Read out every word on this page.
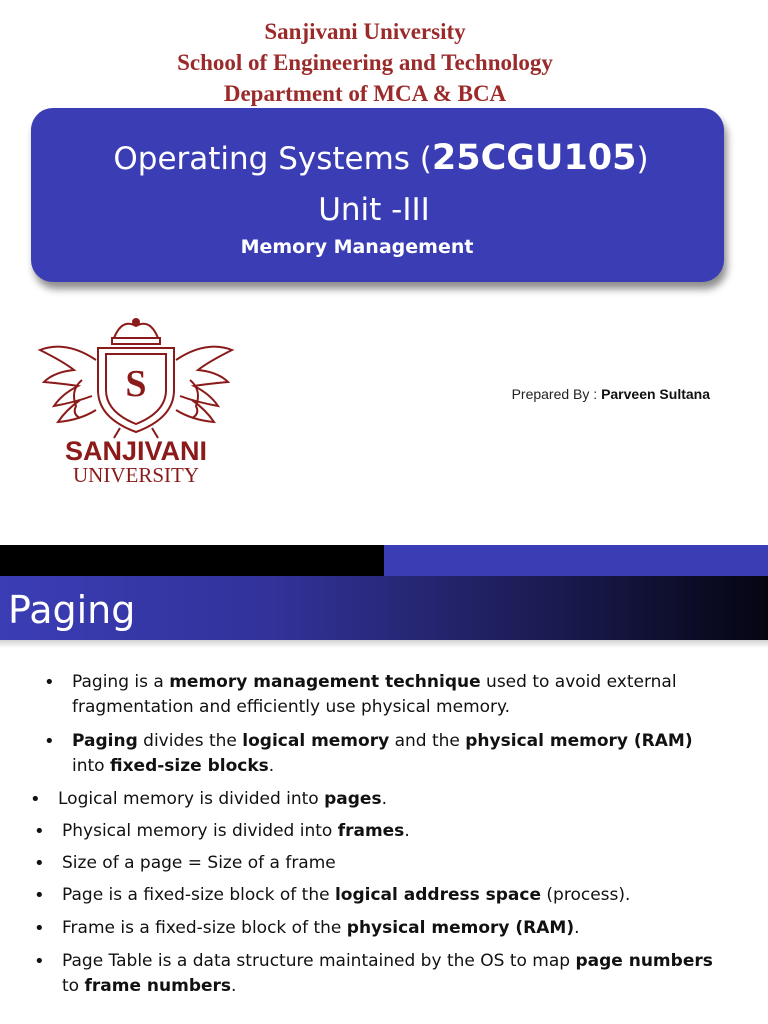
Sanjivani University
School of Engineering and Technology
Department of MCA & BCA
Operating Systems (25CGU105)
Unit -III
Memory Management
S
SANJIVANI
UNIVERSITY
Prepared By : Parveen Sultana
Paging
• Paging is a memory management technique used to avoid external fragmentation and efficiently use physical memory.
• Paging divides the logical memory and the physical memory (RAM) into fixed-size blocks.
• Logical memory is divided into pages.
• Physical memory is divided into frames.
• Size of a page = Size of a frame
• Page is a fixed-size block of the logical address space (process).
• Frame is a fixed-size block of the physical memory (RAM).
• Page Table is a data structure maintained by the OS to map page numbers to frame numbers.
